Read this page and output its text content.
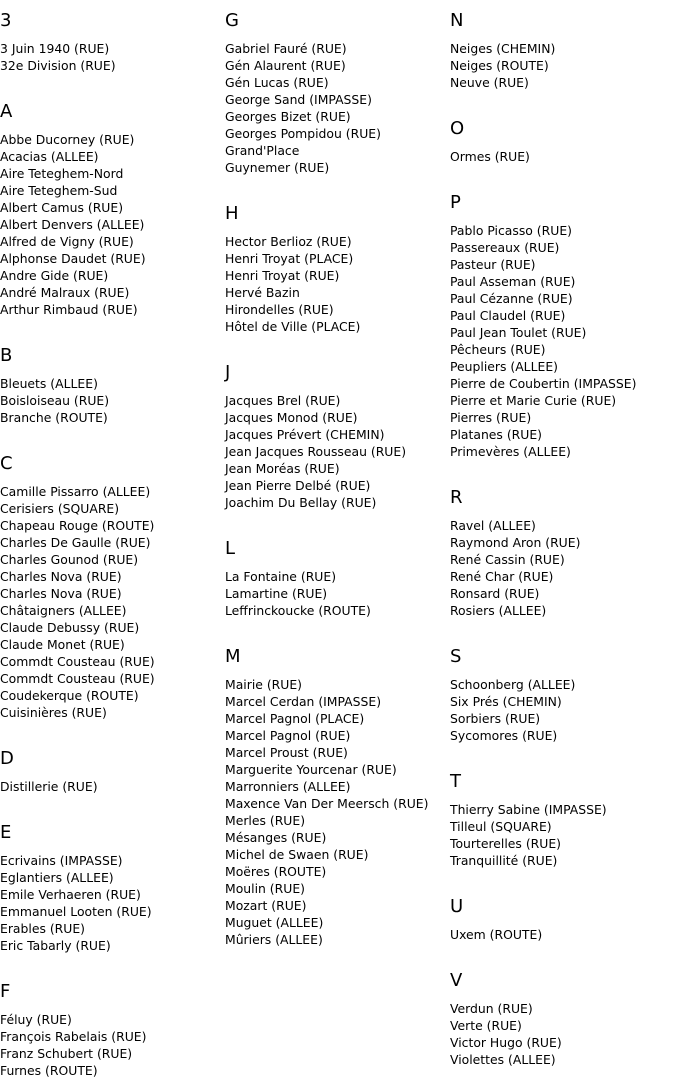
3
3 Juin 1940 (RUE)
32e Division (RUE)
A
Abbe Ducorney (RUE)
Acacias (ALLEE)
Aire Teteghem-Nord
Aire Teteghem-Sud
Albert Camus (RUE)
Albert Denvers (ALLEE)
Alfred de Vigny (RUE)
Alphonse Daudet (RUE)
Andre Gide (RUE)
André Malraux (RUE)
Arthur Rimbaud (RUE)
B
Bleuets (ALLEE)
Boisloiseau (RUE)
Branche (ROUTE)
C
Camille Pissarro (ALLEE)
Cerisiers (SQUARE)
Chapeau Rouge (ROUTE)
Charles De Gaulle (RUE)
Charles Gounod (RUE)
Charles Nova (RUE)
Charles Nova (RUE)
Châtaigners (ALLEE)
Claude Debussy (RUE)
Claude Monet (RUE)
Commdt Cousteau (RUE)
Commdt Cousteau (RUE)
Coudekerque (ROUTE)
Cuisinières (RUE)
D
Distillerie (RUE)
E
Ecrivains (IMPASSE)
Eglantiers (ALLEE)
Emile Verhaeren (RUE)
Emmanuel Looten (RUE)
Erables (RUE)
Eric Tabarly (RUE)
F
Féluy (RUE)
François Rabelais (RUE)
Franz Schubert (RUE)
Furnes (ROUTE)
G
Gabriel Fauré (RUE)
Gén Alaurent (RUE)
Gén Lucas (RUE)
George Sand (IMPASSE)
Georges Bizet (RUE)
Georges Pompidou (RUE)
Grand'Place
Guynemer (RUE)
H
Hector Berlioz (RUE)
Henri Troyat (PLACE)
Henri Troyat (RUE)
Hervé Bazin
Hirondelles (RUE)
Hôtel de Ville (PLACE)
J
Jacques Brel (RUE)
Jacques Monod (RUE)
Jacques Prévert (CHEMIN)
Jean Jacques Rousseau (RUE)
Jean Moréas (RUE)
Jean Pierre Delbé (RUE)
Joachim Du Bellay (RUE)
L
La Fontaine (RUE)
Lamartine (RUE)
Leffrinckoucke (ROUTE)
M
Mairie (RUE)
Marcel Cerdan (IMPASSE)
Marcel Pagnol (PLACE)
Marcel Pagnol (RUE)
Marcel Proust (RUE)
Marguerite Yourcenar (RUE)
Marronniers (ALLEE)
Maxence Van Der Meersch (RUE)
Merles (RUE)
Mésanges (RUE)
Michel de Swaen (RUE)
Moëres (ROUTE)
Moulin (RUE)
Mozart (RUE)
Muguet (ALLEE)
Mûriers (ALLEE)
N
Neiges (CHEMIN)
Neiges (ROUTE)
Neuve (RUE)
O
Ormes (RUE)
P
Pablo Picasso (RUE)
Passereaux (RUE)
Pasteur (RUE)
Paul Asseman (RUE)
Paul Cézanne (RUE)
Paul Claudel (RUE)
Paul Jean Toulet (RUE)
Pêcheurs (RUE)
Peupliers (ALLEE)
Pierre de Coubertin (IMPASSE)
Pierre et Marie Curie (RUE)
Pierres (RUE)
Platanes (RUE)
Primevères (ALLEE)
R
Ravel (ALLEE)
Raymond Aron (RUE)
René Cassin (RUE)
René Char (RUE)
Ronsard (RUE)
Rosiers (ALLEE)
S
Schoonberg (ALLEE)
Six Prés (CHEMIN)
Sorbiers (RUE)
Sycomores (RUE)
T
Thierry Sabine (IMPASSE)
Tilleul (SQUARE)
Tourterelles (RUE)
Tranquillité (RUE)
U
Uxem (ROUTE)
V
Verdun (RUE)
Verte (RUE)
Victor Hugo (RUE)
Violettes (ALLEE)
